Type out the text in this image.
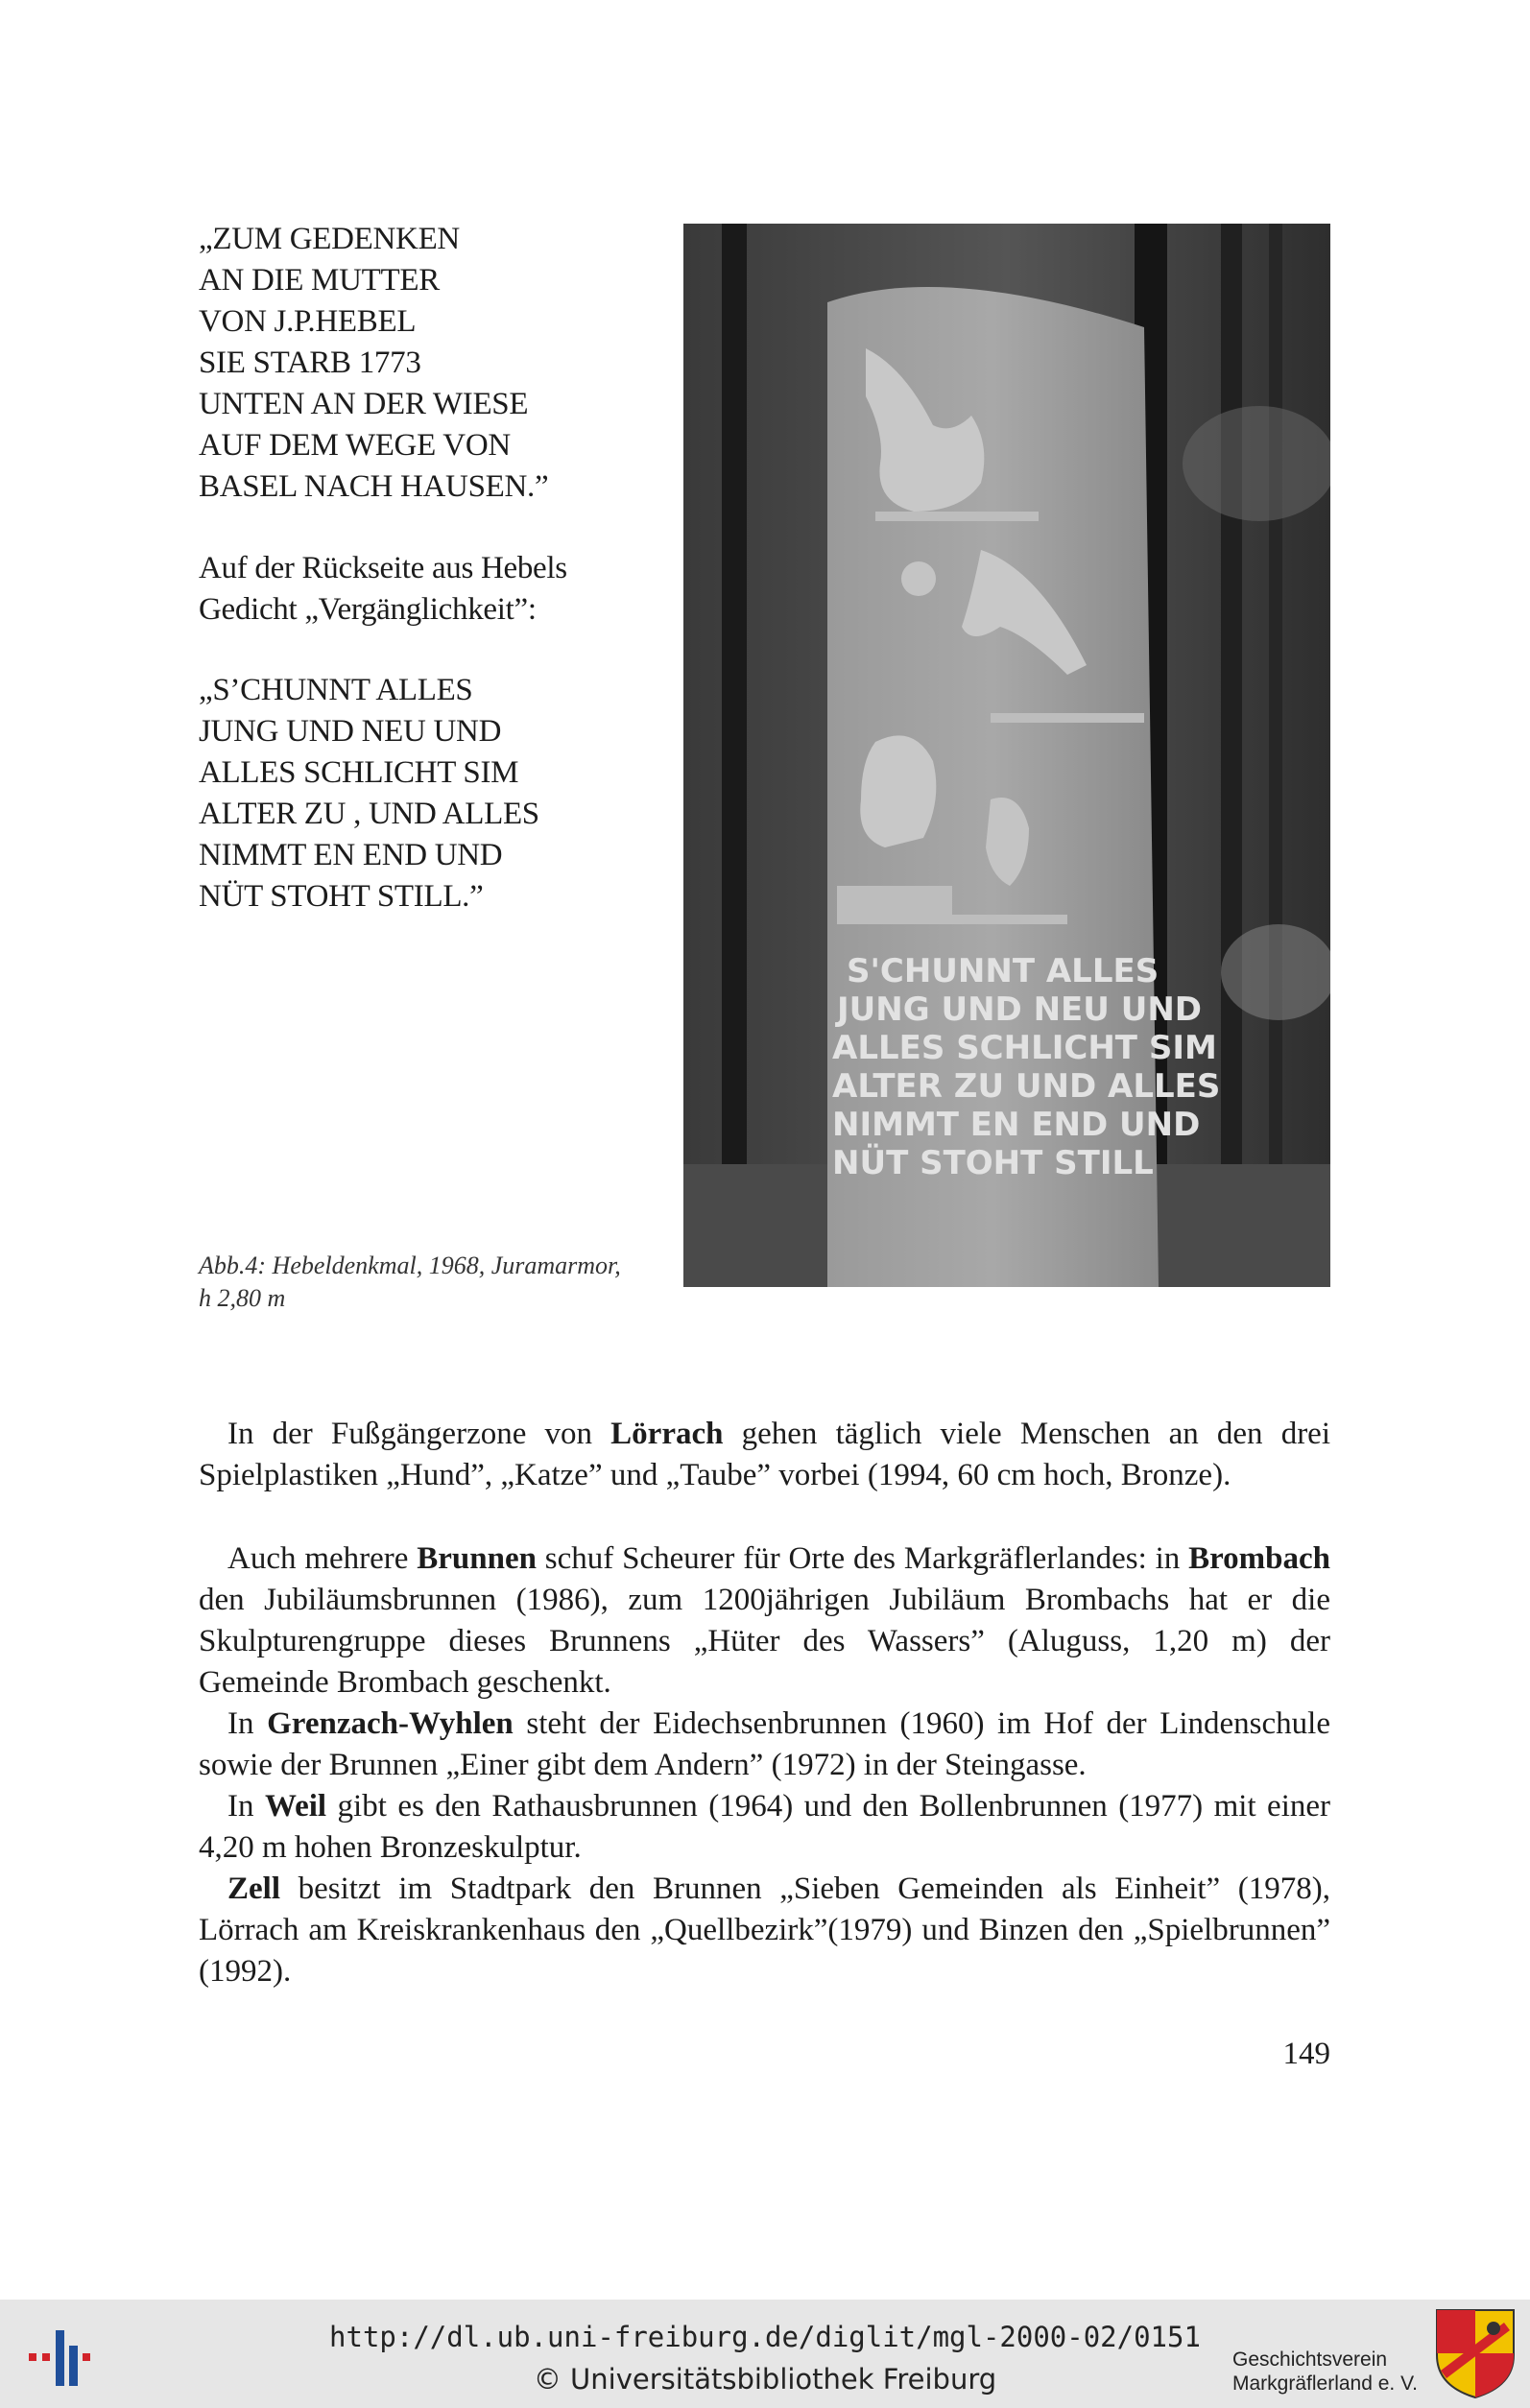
„ZUM GEDENKEN
AN DIE MUTTER
VON J.P.HEBEL
SIE STARB 1773
UNTEN AN DER WIESE
AUF DEM WEGE VON
BASEL NACH HAUSEN.”
Auf der Rückseite aus Hebels
Gedicht „Vergänglichkeit”:
„S’CHUNNT ALLES
JUNG UND NEU UND
ALLES SCHLICHT SIM
ALTER ZU , UND ALLES
NIMMT EN END UND
NÜT STOHT STILL.”
S'CHUNNT ALLES
JUNG UND NEU UND
ALLES SCHLICHT SIM
ALTER ZU UND ALLES
NIMMT EN END UND
NÜT STOHT STILL
Abb.4: Hebeldenkmal, 1968, Juramarmor,
h 2,80 m

In der Fußgängerzone von Lörrach gehen täglich viele Menschen an den drei Spielplastiken „Hund”, „Katze” und „Taube” vorbei (1994, 60 cm hoch, Bronze).

Auch mehrere Brunnen schuf Scheurer für Orte des Markgräflerlandes: in Brombach den Jubiläumsbrunnen (1986), zum 1200jährigen Jubiläum Brombachs hat er die Skulpturengruppe dieses Brunnens „Hüter des Wassers” (Aluguss, 1,20 m) der Gemeinde Brombach geschenkt.

In Grenzach-Wyhlen steht der Eidechsenbrunnen (1960) im Hof der Lindenschule sowie der Brunnen „Einer gibt dem Andern” (1972) in der Steingasse.

In Weil gibt es den Rathausbrunnen (1964) und den Bollenbrunnen (1977) mit einer 4,20 m hohen Bronzeskulptur.

Zell besitzt im Stadtpark den Brunnen „Sieben Gemeinden als Einheit” (1978), Lörrach am Kreiskrankenhaus den „Quellbezirk”(1979) und Binzen den „Spielbrunnen” (1992).

149
http://dl.ub.uni-freiburg.de/diglit/mgl-2000-02/0151
© Universitätsbibliothek Freiburg
Geschichtsverein
Markgräflerland e. V.
